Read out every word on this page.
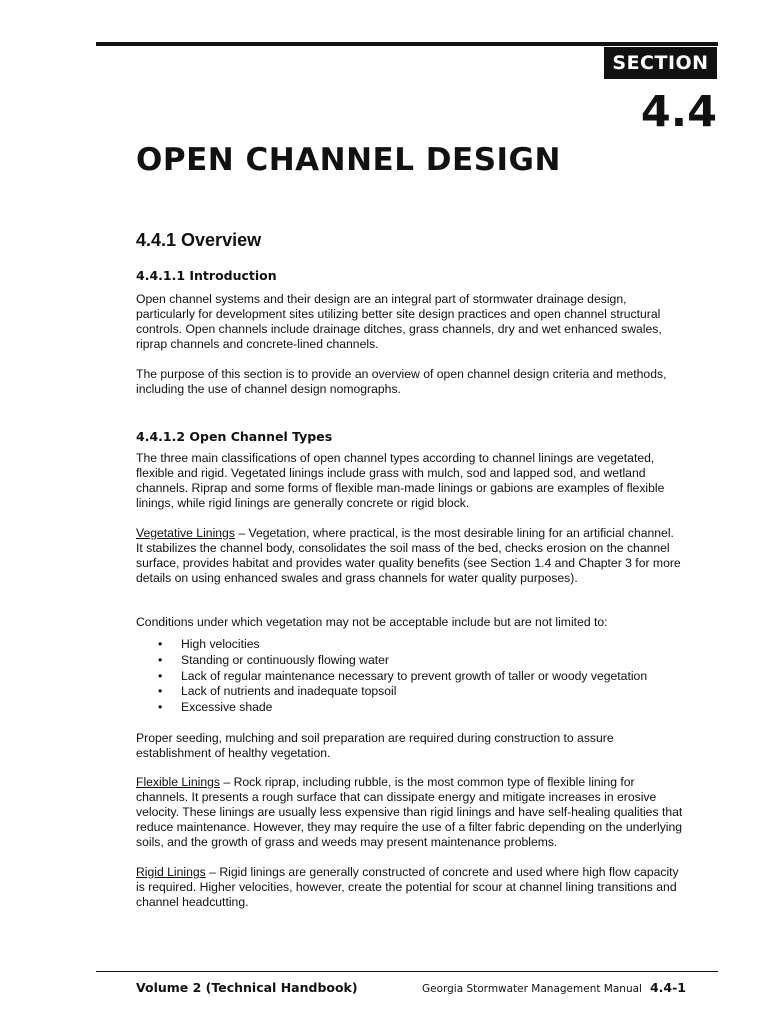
SECTION
4.4
OPEN CHANNEL DESIGN
4.4.1 Overview
4.4.1.1 Introduction

Open channel systems and their design are an integral part of stormwater drainage design, particularly for development sites utilizing better site design practices and open channel structural controls. Open channels include drainage ditches, grass channels, dry and wet enhanced swales, riprap channels and concrete-lined channels.

The purpose of this section is to provide an overview of open channel design criteria and methods, including the use of channel design nomographs.

4.4.1.2 Open Channel Types

The three main classifications of open channel types according to channel linings are vegetated, flexible and rigid. Vegetated linings include grass with mulch, sod and lapped sod, and wetland channels. Riprap and some forms of flexible man-made linings or gabions are examples of flexible linings, while rigid linings are generally concrete or rigid block.

Vegetative Linings – Vegetation, where practical, is the most desirable lining for an artificial channel. It stabilizes the channel body, consolidates the soil mass of the bed, checks erosion on the channel surface, provides habitat and provides water quality benefits (see Section 1.4 and Chapter 3 for more details on using enhanced swales and grass channels for water quality purposes).

Conditions under which vegetation may not be acceptable include but are not limited to:

• High velocities
• Standing or continuously flowing water
• Lack of regular maintenance necessary to prevent growth of taller or woody vegetation
• Lack of nutrients and inadequate topsoil
• Excessive shade

Proper seeding, mulching and soil preparation are required during construction to assure establishment of healthy vegetation.

Flexible Linings – Rock riprap, including rubble, is the most common type of flexible lining for channels. It presents a rough surface that can dissipate energy and mitigate increases in erosive velocity. These linings are usually less expensive than rigid linings and have self-healing qualities that reduce maintenance. However, they may require the use of a filter fabric depending on the underlying soils, and the growth of grass and weeds may present maintenance problems.

Rigid Linings – Rigid linings are generally constructed of concrete and used where high flow capacity is required. Higher velocities, however, create the potential for scour at channel lining transitions and channel headcutting.

Volume 2 (Technical Handbook)	Georgia Stormwater Management Manual 4.4-1
